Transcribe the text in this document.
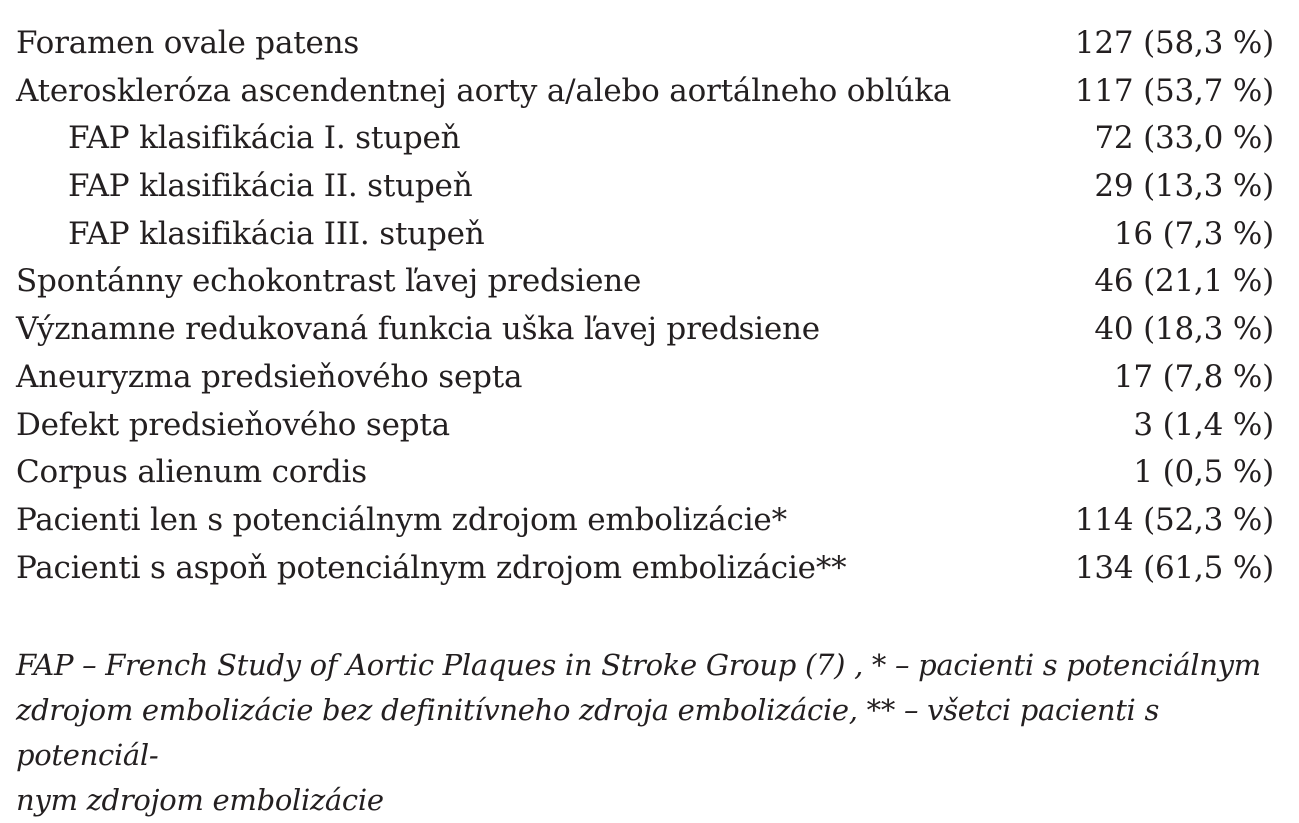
Foramen ovale patens	127 (58,3 %)
Ateroskleróza ascendentnej aorty a/alebo aortálneho oblúka	117 (53,7 %)
FAP klasifikácia I. stupeň	72 (33,0 %)
FAP klasifikácia II. stupeň	29 (13,3 %)
FAP klasifikácia III. stupeň	16 (7,3 %)
Spontánny echokontrast ľavej predsiene	46 (21,1 %)
Významne redukovaná funkcia uška ľavej predsiene	40 (18,3 %)
Aneuryzma predsieňového septa	17 (7,8 %)
Defekt predsieňového septa	3 (1,4 %)
Corpus alienum cordis	1 (0,5 %)
Pacienti len s potenciálnym zdrojom embolizácie*	114 (52,3 %)
Pacienti s aspoň potenciálnym zdrojom embolizácie**	134 (61,5 %)

FAP – French Study of Aortic Plaques in Stroke Group (7) , * – pacienti s potenciálnym
zdrojom embolizácie bez definitívneho zdroja embolizácie, ** – všetci pacienti s potenciál-
nym zdrojom embolizácie
